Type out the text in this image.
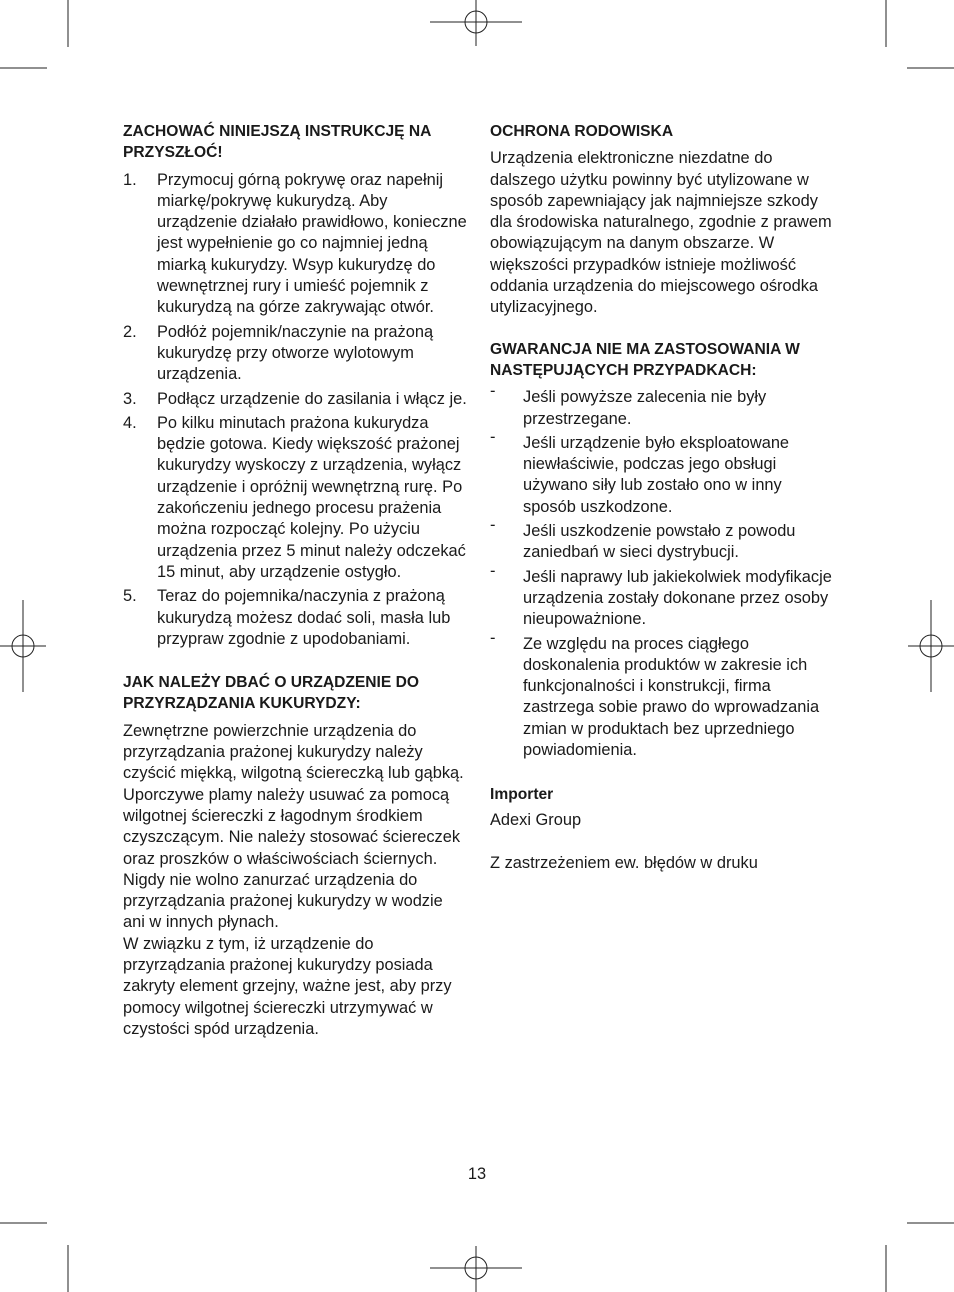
ZACHOWAĆ NINIEJSZĄ INSTRUKCJĘ NA PRZYSZŁOĆ!
1. Przymocuj górną pokrywę oraz napełnij miarkę/pokrywę kukurydzą. Aby urządzenie działało prawidłowo, konieczne jest wypełnienie go co najmniej jedną miarką kukurydzy. Wsyp kukurydzę do wewnętrznej rury i umieść pojemnik z kukurydzą na górze zakrywając otwór.
2. Podłóż pojemnik/naczynie na prażoną kukurydzę przy otworze wylotowym urządzenia.
3. Podłącz urządzenie do zasilania i włącz je.
4. Po kilku minutach prażona kukurydza będzie gotowa. Kiedy większość prażonej kukurydzy wyskoczy z urządzenia, wyłącz urządzenie i opróżnij wewnętrzną rurę. Po zakończeniu jednego procesu prażenia można rozpocząć kolejny. Po użyciu urządzenia przez 5 minut należy odczekać 15 minut, aby urządzenie ostygło.
5. Teraz do pojemnika/naczynia z prażoną kukurydzą możesz dodać soli, masła lub przypraw zgodnie z upodobaniami.
JAK NALEŻY DBAĆ O URZĄDZENIE DO PRZYRZĄDZANIA KUKURYDZY:

Zewnętrzne powierzchnie urządzenia do przyrządzania prażonej kukurydzy należy czyścić miękką, wilgotną ściereczką lub gąbką. Uporczywe plamy należy usuwać za pomocą wilgotnej ściereczki z łagodnym środkiem czyszczącym. Nie należy stosować ściereczek oraz proszków o właściwościach ściernych. Nigdy nie wolno zanurzać urządzenia do przyrządzania prażonej kukurydzy w wodzie ani w innych płynach.

W związku z tym, iż urządzenie do przyrządzania prażonej kukurydzy posiada zakryty element grzejny, ważne jest, aby przy pomocy wilgotnej ściereczki utrzymywać w czystości spód urządzenia.

OCHRONA RODOWISKA

Urządzenia elektroniczne niezdatne do dalszego użytku powinny być utylizowane w sposób zapewniający jak najmniejsze szkody dla środowiska naturalnego, zgodnie z prawem obowiązującym na danym obszarze. W większości przypadków istnieje możliwość oddania urządzenia do miejscowego ośrodka utylizacyjnego.

GWARANCJA NIE MA ZASTOSOWANIA W NASTĘPUJĄCYCH PRZYPADKACH:
- Jeśli powyższe zalecenia nie były przestrzegane.
- Jeśli urządzenie było eksploatowane niewłaściwie, podczas jego obsługi używano siły lub zostało ono w inny sposób uszkodzone.
- Jeśli uszkodzenie powstało z powodu zaniedbań w sieci dystrybucji.
- Jeśli naprawy lub jakiekolwiek modyfikacje urządzenia zostały dokonane przez osoby nieupoważnione.
- Ze względu na proces ciągłego doskonalenia produktów w zakresie ich funkcjonalności i konstrukcji, firma zastrzega sobie prawo do wprowadzania zmian w produktach bez uprzedniego powiadomienia.
Importer

Adexi Group

Z zastrzeżeniem ew. błędów w druku

13
